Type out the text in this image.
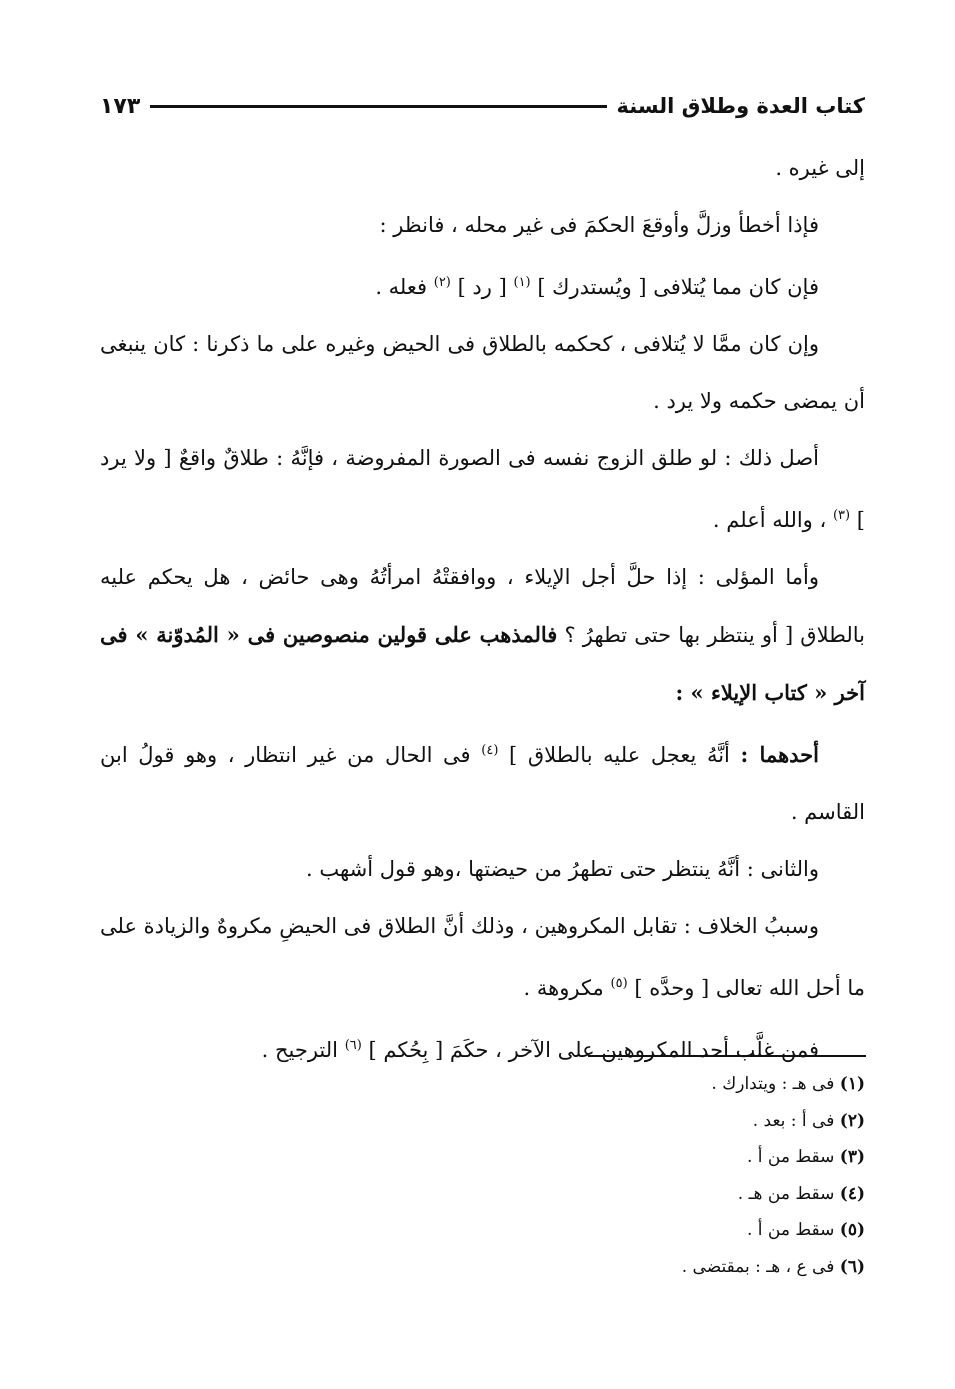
كتاب العدة وطلاق السنة
١٧٣

إلى غيره .

فإذا أخطأ وزلَّ وأوقعَ الحكمَ فى غير محله ، فانظر :

فإن كان مما يُتلافى [ ويُستدرك ] $^{(١)}$ [ رد ] $^{(٢)}$ فعله .

وإن كان ممَّا لا يُتلافى ، كحكمه بالطلاق فى الحيض وغيره على ما ذكرنا : كان ينبغى أن يمضى حكمه ولا يرد .

أصل ذلك : لو طلق الزوج نفسه فى الصورة المفروضة ، فإنَّهُ : طلاقٌ واقعٌ [ ولا يرد ] $^{(٣)}$ ، والله أعلم .

وأما المؤلى : إذا حلَّ أجل الإيلاء ، ووافقتْهُ امرأتُهُ وهى حائض ، هل يحكم عليه بالطلاق [ أو ينتظر بها حتى تطهرُ ؟ فالمذهب على قولين منصوصين فى « المُدوّنة » فى آخر « كتاب الإيلاء » :

أحدهما : أنَّهُ يعجل عليه بالطلاق ] $^{(٤)}$ فى الحال من غير انتظار ، وهو قولُ ابن القاسم .

والثانى : أنَّهُ ينتظر حتى تطهرُ من حيضتها ،وهو قول أشهب .

وسببُ الخلاف : تقابل المكروهين ، وذلك أنَّ الطلاق فى الحيضِ مكروهٌ والزيادة على ما أحل الله تعالى [ وحدَّه ] $^{(٥)}$ مكروهة .

فمن غلَّب أحد المكروهين على الآخر ، حكَمَ [ بِحُكم ] $^{(٦)}$ الترجيح .

(١) فى هـ : ويتدارك .
(٢) فى أ : بعد .
(٣) سقط من أ .
(٤) سقط من هـ .
(٥) سقط من أ .
(٦) فى ع ، هـ : بمقتضى .
